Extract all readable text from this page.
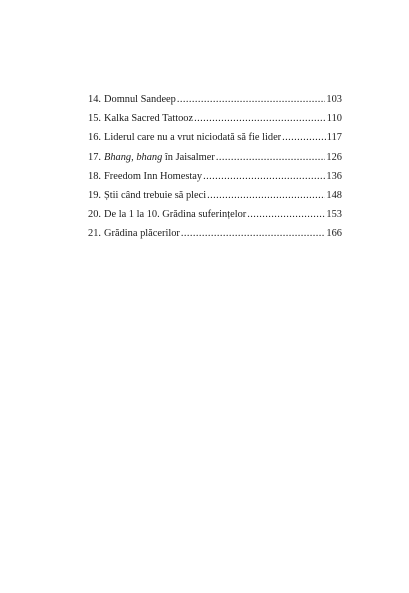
14. Domnul Sandeep .....	103
15. Kalka Sacred Tattooz .....	110
16. Liderul care nu a vrut niciodată să fie lider .....	117
17. Bhang, bhang în Jaisalmer .....	126
18. Freedom Inn Homestay .....	136
19. Știi când trebuie să pleci .....	148
20. De la 1 la 10. Grădina suferințelor .....	153
21. Grădina plăcerilor .....	166
